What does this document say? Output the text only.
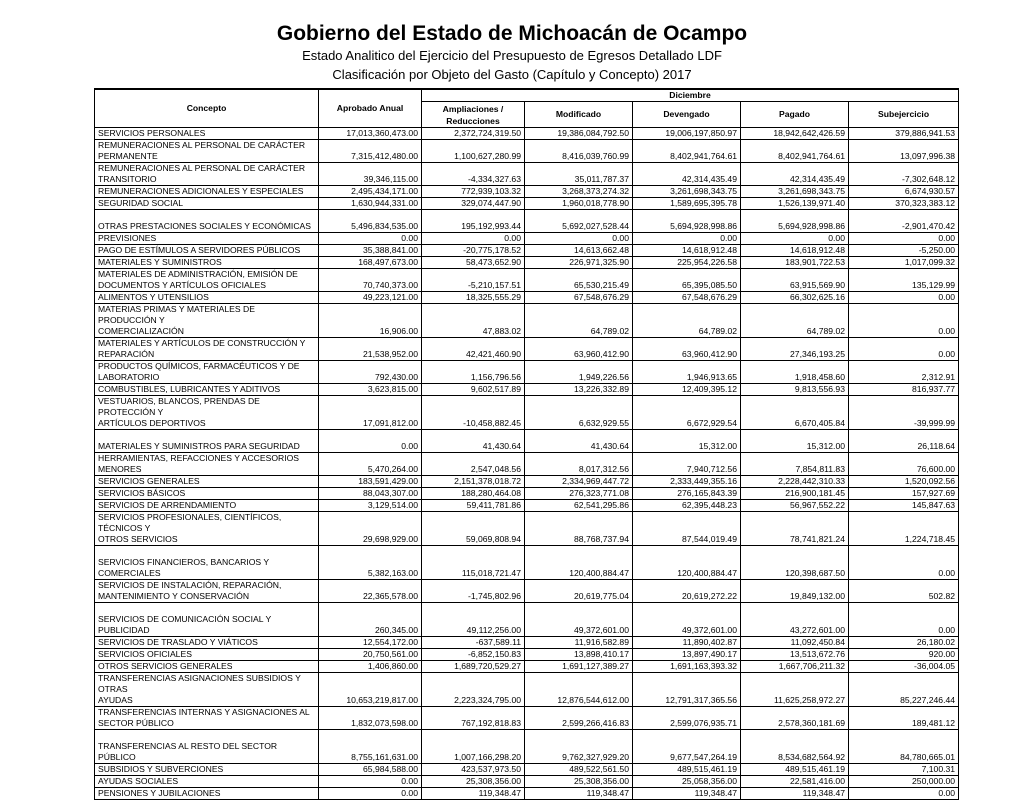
Gobierno del Estado de Michoacán de Ocampo
Estado Analitico del Ejercicio del Presupuesto de Egresos Detallado LDF
Clasificación por Objeto del Gasto (Capítulo y Concepto) 2017
Concepto	Aprobado Anual	Diciembre				
		Ampliaciones / Reducciones	Modificado	Devengado	Pagado	Subejercicio

SERVICIOS PERSONALES	17,013,360,473.00	2,372,724,319.50	19,386,084,792.50	19,006,197,850.97	18,942,642,426.59	379,886,941.53

REMUNERACIONES AL PERSONAL DE CARÁCTER
PERMANENTE	7,315,412,480.00	1,100,627,280.99	8,416,039,760.99	8,402,941,764.61	8,402,941,764.61	13,097,996.38

REMUNERACIONES AL PERSONAL DE CARÁCTER
TRANSITORIO	39,346,115.00	-4,334,327.63	35,011,787.37	42,314,435.49	42,314,435.49	-7,302,648.12

REMUNERACIONES ADICIONALES Y ESPECIALES	2,495,434,171.00	772,939,103.32	3,268,373,274.32	3,261,698,343.75	3,261,698,343.75	6,674,930.57

SEGURIDAD SOCIAL	1,630,944,331.00	329,074,447.90	1,960,018,778.90	1,589,695,395.78	1,526,139,971.40	370,323,383.12

OTRAS PRESTACIONES SOCIALES Y ECONÓMICAS	5,496,834,535.00	195,192,993.44	5,692,027,528.44	5,694,928,998.86	5,694,928,998.86	-2,901,470.42

PREVISIONES	0.00	0.00	0.00	0.00	0.00	0.00

PAGO DE ESTÍMULOS A SERVIDORES PÚBLICOS	35,388,841.00	-20,775,178.52	14,613,662.48	14,618,912.48	14,618,912.48	-5,250.00

MATERIALES Y SUMINISTROS	168,497,673.00	58,473,652.90	226,971,325.90	225,954,226.58	183,901,722.53	1,017,099.32

MATERIALES DE ADMINISTRACIÓN, EMISIÓN DE
DOCUMENTOS Y ARTÍCULOS OFICIALES	70,740,373.00	-5,210,157.51	65,530,215.49	65,395,085.50	63,915,569.90	135,129.99

ALIMENTOS Y UTENSILIOS	49,223,121.00	18,325,555.29	67,548,676.29	67,548,676.29	66,302,625.16	0.00

MATERIAS PRIMAS Y MATERIALES DE PRODUCCIÓN Y
COMERCIALIZACIÓN	16,906.00	47,883.02	64,789.02	64,789.02	64,789.02	0.00

MATERIALES Y ARTÍCULOS DE CONSTRUCCIÓN Y
REPARACIÓN	21,538,952.00	42,421,460.90	63,960,412.90	63,960,412.90	27,346,193.25	0.00

PRODUCTOS QUÍMICOS, FARMACÉUTICOS Y DE
LABORATORIO	792,430.00	1,156,796.56	1,949,226.56	1,946,913.65	1,918,458.60	2,312.91

COMBUSTIBLES, LUBRICANTES Y ADITIVOS	3,623,815.00	9,602,517.89	13,226,332.89	12,409,395.12	9,813,556.93	816,937.77

VESTUARIOS, BLANCOS, PRENDAS DE PROTECCIÓN Y
ARTÍCULOS DEPORTIVOS	17,091,812.00	-10,458,882.45	6,632,929.55	6,672,929.54	6,670,405.84	-39,999.99

MATERIALES Y SUMINISTROS PARA SEGURIDAD	0.00	41,430.64	41,430.64	15,312.00	15,312.00	26,118.64

HERRAMIENTAS, REFACCIONES Y ACCESORIOS
MENORES	5,470,264.00	2,547,048.56	8,017,312.56	7,940,712.56	7,854,811.83	76,600.00

SERVICIOS GENERALES	183,591,429.00	2,151,378,018.72	2,334,969,447.72	2,333,449,355.16	2,228,442,310.33	1,520,092.56

SERVICIOS BÁSICOS	88,043,307.00	188,280,464.08	276,323,771.08	276,165,843.39	216,900,181.45	157,927.69

SERVICIOS DE ARRENDAMIENTO	3,129,514.00	59,411,781.86	62,541,295.86	62,395,448.23	56,967,552.22	145,847.63

SERVICIOS PROFESIONALES, CIENTÍFICOS, TÉCNICOS Y
OTROS SERVICIOS	29,698,929.00	59,069,808.94	88,768,737.94	87,544,019.49	78,741,821.24	1,224,718.45

SERVICIOS FINANCIEROS, BANCARIOS Y COMERCIALES	5,382,163.00	115,018,721.47	120,400,884.47	120,400,884.47	120,398,687.50	0.00

SERVICIOS DE INSTALACIÓN, REPARACIÓN,
MANTENIMIENTO Y CONSERVACIÓN	22,365,578.00	-1,745,802.96	20,619,775.04	20,619,272.22	19,849,132.00	502.82

SERVICIOS DE COMUNICACIÓN SOCIAL Y PUBLICIDAD	260,345.00	49,112,256.00	49,372,601.00	49,372,601.00	43,272,601.00	0.00

SERVICIOS DE TRASLADO Y VIÁTICOS	12,554,172.00	-637,589.11	11,916,582.89	11,890,402.87	11,092,450.84	26,180.02

SERVICIOS OFICIALES	20,750,561.00	-6,852,150.83	13,898,410.17	13,897,490.17	13,513,672.76	920.00

OTROS SERVICIOS GENERALES	1,406,860.00	1,689,720,529.27	1,691,127,389.27	1,691,163,393.32	1,667,706,211.32	-36,004.05

TRANSFERENCIAS ASIGNACIONES SUBSIDIOS Y OTRAS
AYUDAS	10,653,219,817.00	2,223,324,795.00	12,876,544,612.00	12,791,317,365.56	11,625,258,972.27	85,227,246.44

TRANSFERENCIAS INTERNAS Y ASIGNACIONES AL
SECTOR PÚBLICO	1,832,073,598.00	767,192,818.83	2,599,266,416.83	2,599,076,935.71	2,578,360,181.69	189,481.12

TRANSFERENCIAS AL RESTO DEL SECTOR PÚBLICO	8,755,161,631.00	1,007,166,298.20	9,762,327,929.20	9,677,547,264.19	8,534,682,564.92	84,780,665.01

SUBSIDIOS Y SUBVERCIONES	65,984,588.00	423,537,973.50	489,522,561.50	489,515,461.19	489,515,461.19	7,100.31

AYUDAS SOCIALES	0.00	25,308,356.00	25,308,356.00	25,058,356.00	22,581,416.00	250,000.00

PENSIONES Y JUBILACIONES	0.00	119,348.47	119,348.47	119,348.47	119,348.47	0.00
